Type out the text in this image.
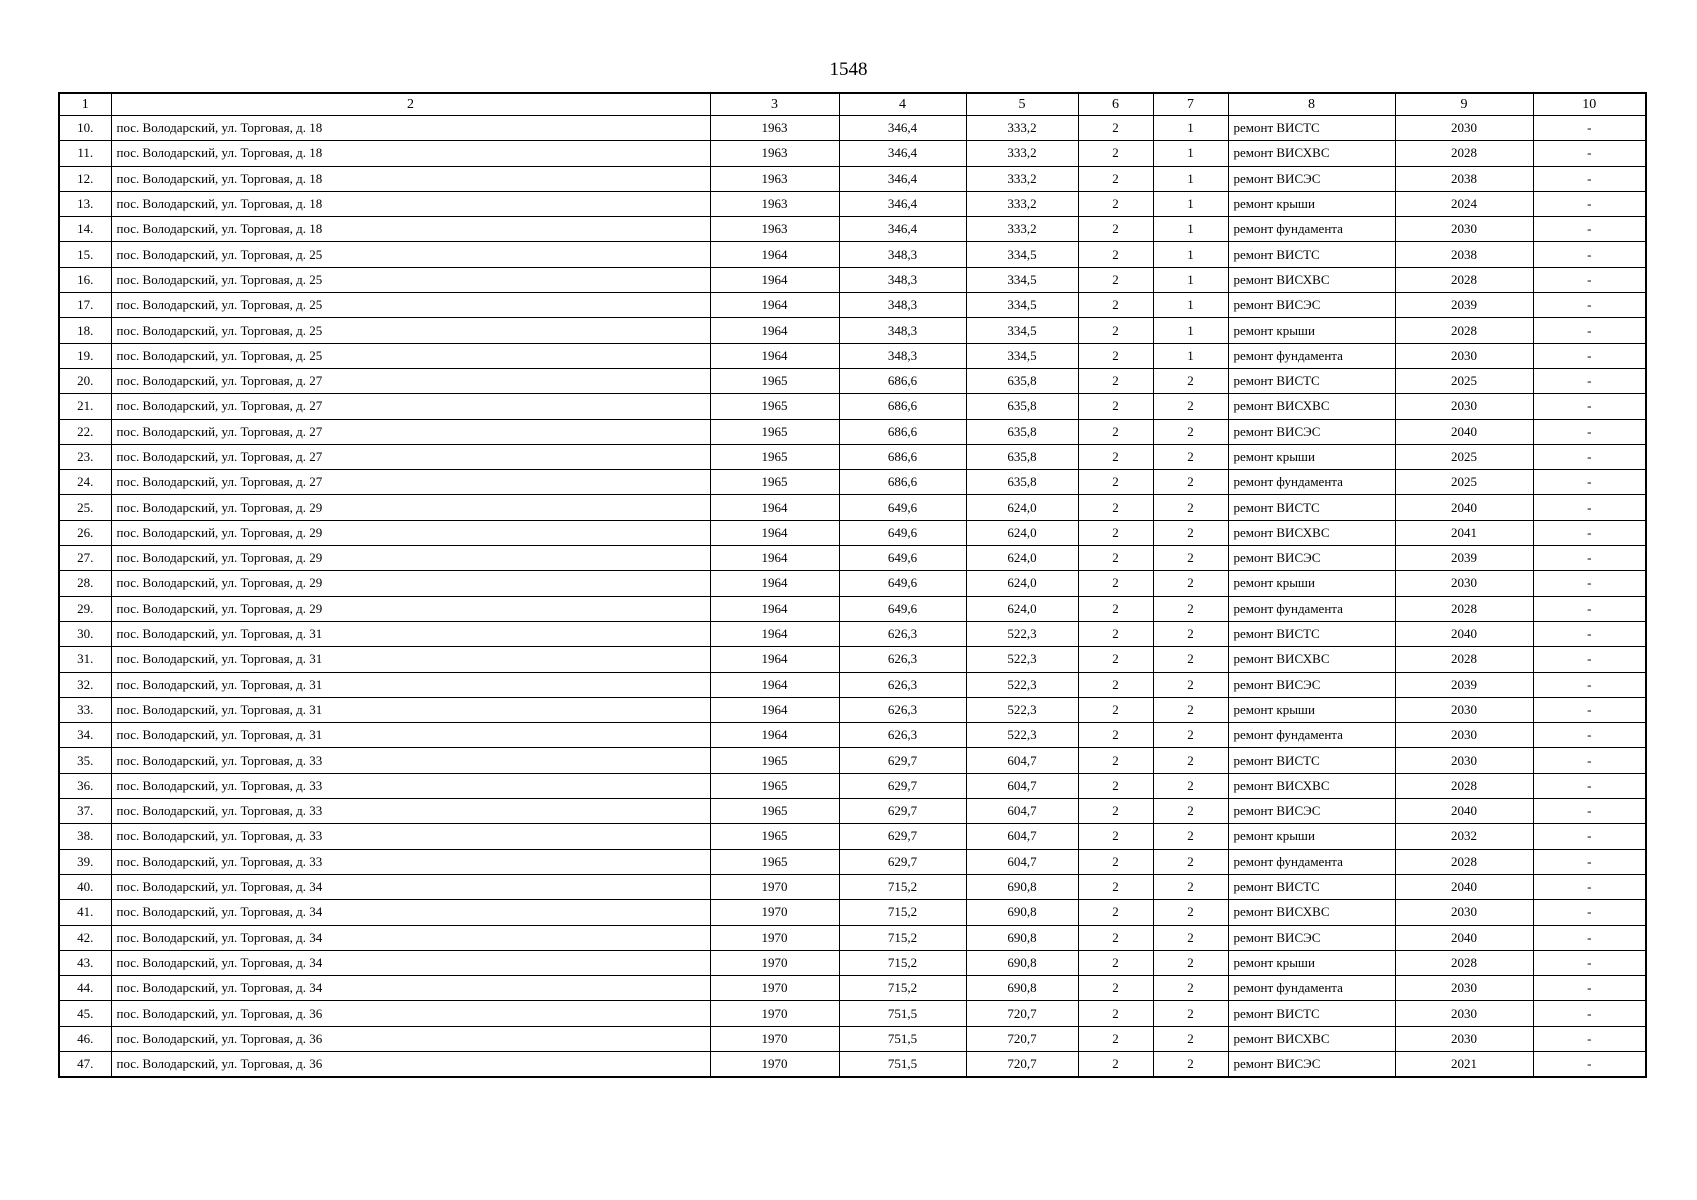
1548
1	2	3	4	5	6	7	8	9	10
10.	пос. Володарский, ул. Торговая, д. 18	1963	346,4	333,2	2	1	ремонт ВИСТС	2030	-
11.	пос. Володарский, ул. Торговая, д. 18	1963	346,4	333,2	2	1	ремонт ВИСХВС	2028	-
12.	пос. Володарский, ул. Торговая, д. 18	1963	346,4	333,2	2	1	ремонт ВИСЭС	2038	-
13.	пос. Володарский, ул. Торговая, д. 18	1963	346,4	333,2	2	1	ремонт крыши	2024	-
14.	пос. Володарский, ул. Торговая, д. 18	1963	346,4	333,2	2	1	ремонт фундамента	2030	-
15.	пос. Володарский, ул. Торговая, д. 25	1964	348,3	334,5	2	1	ремонт ВИСТС	2038	-
16.	пос. Володарский, ул. Торговая, д. 25	1964	348,3	334,5	2	1	ремонт ВИСХВС	2028	-
17.	пос. Володарский, ул. Торговая, д. 25	1964	348,3	334,5	2	1	ремонт ВИСЭС	2039	-
18.	пос. Володарский, ул. Торговая, д. 25	1964	348,3	334,5	2	1	ремонт крыши	2028	-
19.	пос. Володарский, ул. Торговая, д. 25	1964	348,3	334,5	2	1	ремонт фундамента	2030	-
20.	пос. Володарский, ул. Торговая, д. 27	1965	686,6	635,8	2	2	ремонт ВИСТС	2025	-
21.	пос. Володарский, ул. Торговая, д. 27	1965	686,6	635,8	2	2	ремонт ВИСХВС	2030	-
22.	пос. Володарский, ул. Торговая, д. 27	1965	686,6	635,8	2	2	ремонт ВИСЭС	2040	-
23.	пос. Володарский, ул. Торговая, д. 27	1965	686,6	635,8	2	2	ремонт крыши	2025	-
24.	пос. Володарский, ул. Торговая, д. 27	1965	686,6	635,8	2	2	ремонт фундамента	2025	-
25.	пос. Володарский, ул. Торговая, д. 29	1964	649,6	624,0	2	2	ремонт ВИСТС	2040	-
26.	пос. Володарский, ул. Торговая, д. 29	1964	649,6	624,0	2	2	ремонт ВИСХВС	2041	-
27.	пос. Володарский, ул. Торговая, д. 29	1964	649,6	624,0	2	2	ремонт ВИСЭС	2039	-
28.	пос. Володарский, ул. Торговая, д. 29	1964	649,6	624,0	2	2	ремонт крыши	2030	-
29.	пос. Володарский, ул. Торговая, д. 29	1964	649,6	624,0	2	2	ремонт фундамента	2028	-
30.	пос. Володарский, ул. Торговая, д. 31	1964	626,3	522,3	2	2	ремонт ВИСТС	2040	-
31.	пос. Володарский, ул. Торговая, д. 31	1964	626,3	522,3	2	2	ремонт ВИСХВС	2028	-
32.	пос. Володарский, ул. Торговая, д. 31	1964	626,3	522,3	2	2	ремонт ВИСЭС	2039	-
33.	пос. Володарский, ул. Торговая, д. 31	1964	626,3	522,3	2	2	ремонт крыши	2030	-
34.	пос. Володарский, ул. Торговая, д. 31	1964	626,3	522,3	2	2	ремонт фундамента	2030	-
35.	пос. Володарский, ул. Торговая, д. 33	1965	629,7	604,7	2	2	ремонт ВИСТС	2030	-
36.	пос. Володарский, ул. Торговая, д. 33	1965	629,7	604,7	2	2	ремонт ВИСХВС	2028	-
37.	пос. Володарский, ул. Торговая, д. 33	1965	629,7	604,7	2	2	ремонт ВИСЭС	2040	-
38.	пос. Володарский, ул. Торговая, д. 33	1965	629,7	604,7	2	2	ремонт крыши	2032	-
39.	пос. Володарский, ул. Торговая, д. 33	1965	629,7	604,7	2	2	ремонт фундамента	2028	-
40.	пос. Володарский, ул. Торговая, д. 34	1970	715,2	690,8	2	2	ремонт ВИСТС	2040	-
41.	пос. Володарский, ул. Торговая, д. 34	1970	715,2	690,8	2	2	ремонт ВИСХВС	2030	-
42.	пос. Володарский, ул. Торговая, д. 34	1970	715,2	690,8	2	2	ремонт ВИСЭС	2040	-
43.	пос. Володарский, ул. Торговая, д. 34	1970	715,2	690,8	2	2	ремонт крыши	2028	-
44.	пос. Володарский, ул. Торговая, д. 34	1970	715,2	690,8	2	2	ремонт фундамента	2030	-
45.	пос. Володарский, ул. Торговая, д. 36	1970	751,5	720,7	2	2	ремонт ВИСТС	2030	-
46.	пос. Володарский, ул. Торговая, д. 36	1970	751,5	720,7	2	2	ремонт ВИСХВС	2030	-
47.	пос. Володарский, ул. Торговая, д. 36	1970	751,5	720,7	2	2	ремонт ВИСЭС	2021	-
